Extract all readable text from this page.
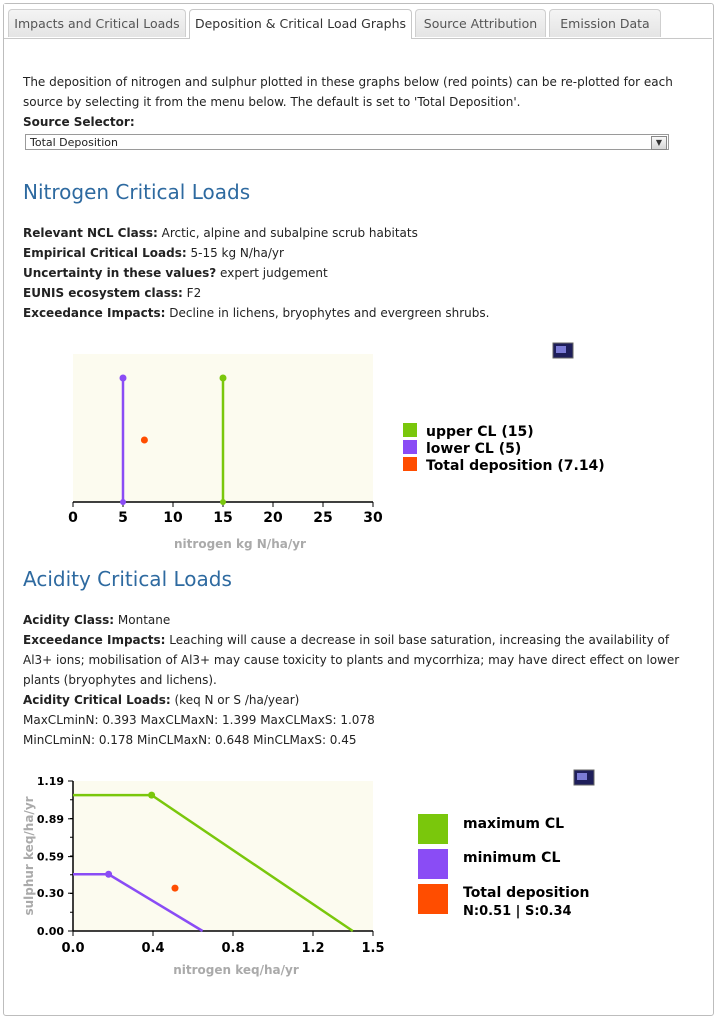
Impacts and Critical Loads	Deposition & Critical Load Graphs	Source Attribution	Emission Data
The deposition of nitrogen and sulphur plotted in these graphs below (red points) can be re-plotted for each source by selecting it from the menu below. The default is set to 'Total Deposition'.
Source Selector:
Total Deposition	▼
Nitrogen Critical Loads
Relevant NCL Class: Arctic, alpine and subalpine scrub habitats
Empirical Critical Loads: 5-15 kg N/ha/yr
Uncertainty in these values? expert judgement
EUNIS ecosystem class: F2
Exceedance Impacts: Decline in lichens, bryophytes and evergreen shrubs.
0	5	10 15 20 25 30
nitrogen kg N/ha/yr
upper CL (15)
lower CL (5)
Total deposition (7.14)
Acidity Critical Loads
Acidity Class: Montane
Exceedance Impacts: Leaching will cause a decrease in soil base saturation, increasing the availability of Al3+ ions; mobilisation of Al3+ may cause toxicity to plants and mycorrhiza; may have direct effect on lower plants (bryophytes and lichens).
Acidity Critical Loads: (keq N or S /ha/year)
MaxCLminN: 0.393 MaxCLMaxN: 1.399 MaxCLMaxS: 1.078
MinCLminN: 0.178 MinCLMaxN: 0.648 MinCLMaxS: 0.45
0.0	0.4	0.8	1.2	1.5
0.00
0.30
0.59
0.89
1.19
nitrogen keq/ha/yr
sulphur keq/ha/yr	maximum CL
minimum CL
Total deposition
N:0.51 | S:0.34
